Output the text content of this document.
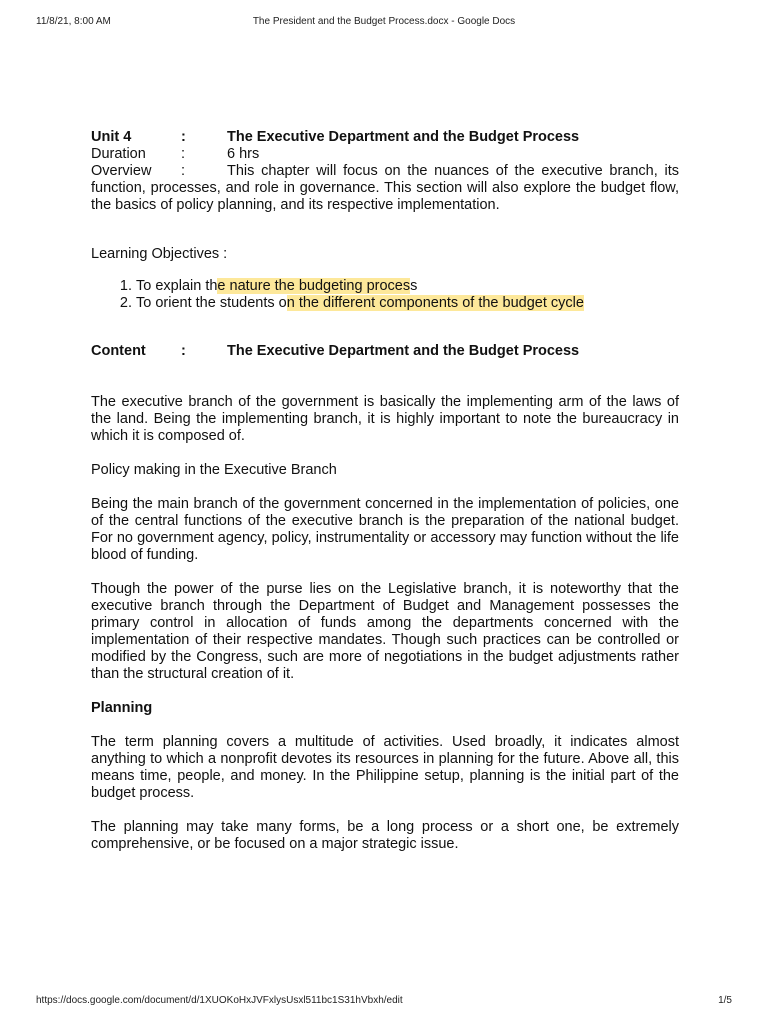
11/8/21, 8:00 AM	The President and the Budget Process.docx - Google Docs
Unit 4	:	The Executive Department and the Budget Process
Duration	:	6 hrs
Overview :	This chapter will focus on the nuances of the executive branch, its function, processes, and role in governance. This section will also explore the budget flow, the basics of policy planning, and its respective implementation.

Learning Objectives :
1. To explain the nature the budgeting process
2. To orient the students on the different components of the budget cycle
Content	:	The Executive Department and the Budget Process

The executive branch of the government is basically the implementing arm of the laws of the land. Being the implementing branch, it is highly important to note the bureaucracy in which it is composed of.

Policy making in the Executive Branch

Being the main branch of the government concerned in the implementation of policies, one of the central functions of the executive branch is the preparation of the national budget. For no government agency, policy, instrumentality or accessory may function without the life blood of funding.

Though the power of the purse lies on the Legislative branch, it is noteworthy that the executive branch through the Department of Budget and Management possesses the primary control in allocation of funds among the departments concerned with the implementation of their respective mandates. Though such practices can be controlled or modified by the Congress, such are more of negotiations in the budget adjustments rather than the structural creation of it.

Planning

The term planning covers a multitude of activities. Used broadly, it indicates almost anything to which a nonprofit devotes its resources in planning for the future. Above all, this means time, people, and money. In the Philippine setup, planning is the initial part of the budget process.

The planning may take many forms, be a long process or a short one, be extremely comprehensive, or be focused on a major strategic issue.

https://docs.google.com/document/d/1XUOKoHxJVFxlysUsxl511bc1S31hVbxh/edit	1/5
